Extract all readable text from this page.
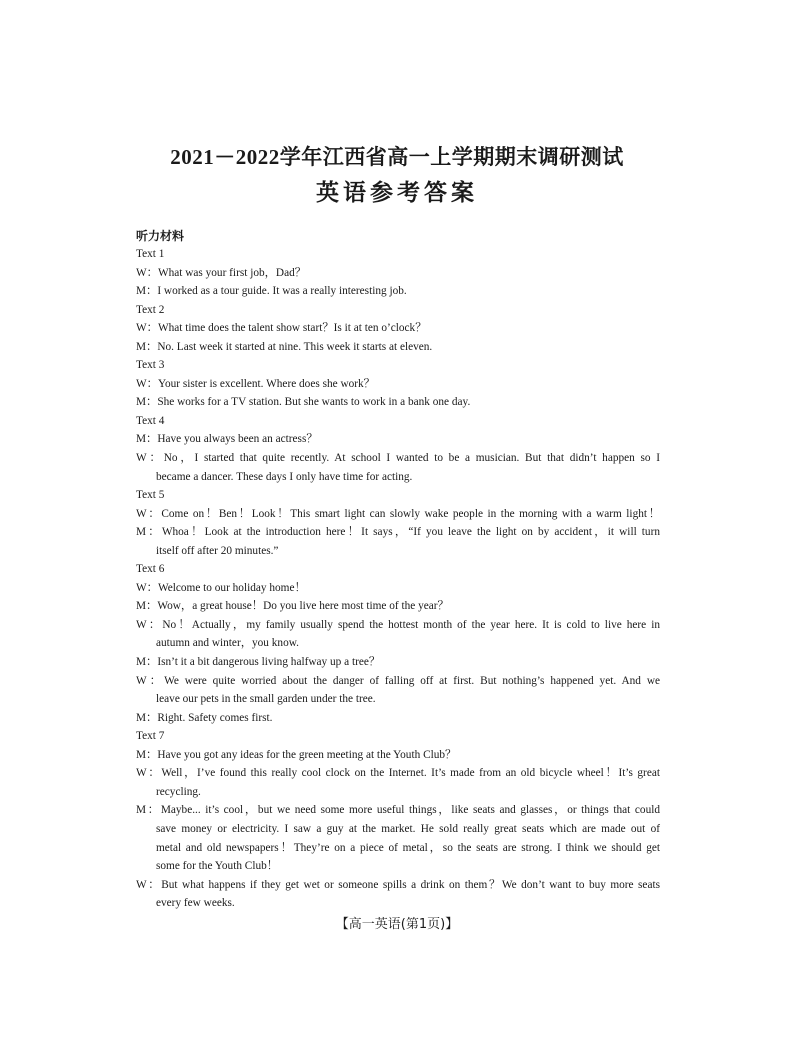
2021－2022学年江西省高一上学期期末调研测试
英语参考答案
听力材料
Text 1
W：What was your first job，Dad？
M：I worked as a tour guide. It was a really interesting job.
Text 2
W：What time does the talent show start？Is it at ten o’clock？
M：No. Last week it started at nine. This week it starts at eleven.
Text 3
W：Your sister is excellent. Where does she work？
M：She works for a TV station. But she wants to work in a bank one day.
Text 4
M：Have you always been an actress？
W：No，I started that quite recently. At school I wanted to be a musician. But that didn’t happen so I
became a dancer. These days I only have time for acting.
Text 5
W：Come on！Ben！Look！This smart light can slowly wake people in the morning with a warm light！
M：Whoa！Look at the introduction here！It says，“If you leave the light on by accident，it will turn
itself off after 20 minutes.”
Text 6
W：Welcome to our holiday home！
M：Wow，a great house！Do you live here most time of the year？
W：No！Actually，my family usually spend the hottest month of the year here. It is cold to live here in
autumn and winter，you know.
M：Isn’t it a bit dangerous living halfway up a tree？
W：We were quite worried about the danger of falling off at first. But nothing’s happened yet. And we
leave our pets in the small garden under the tree.
M：Right. Safety comes first.
Text 7
M：Have you got any ideas for the green meeting at the Youth Club？
W：Well，I’ve found this really cool clock on the Internet. It’s made from an old bicycle wheel！It’s great
recycling.
M：Maybe... it’s cool，but we need some more useful things，like seats and glasses，or things that could
save money or electricity. I saw a guy at the market. He sold really great seats which are made out of
metal and old newspapers！They’re on a piece of metal，so the seats are strong. I think we should get
some for the Youth Club！
W：But what happens if they get wet or someone spills a drink on them？We don’t want to buy more seats
every few weeks.
【高一英语(第1页)】
